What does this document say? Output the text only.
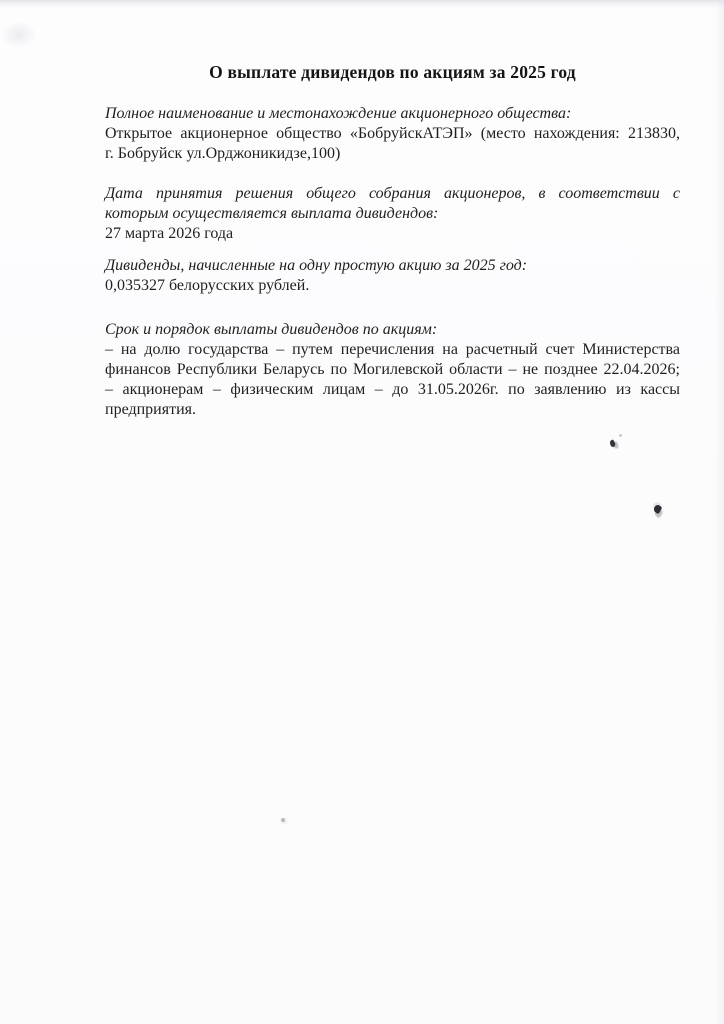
О выплате дивидендов по акциям за 2025 год
Полное наименование и местонахождение акционерного общества:
Открытое акционерное общество «БобруйскАТЭП» (место нахождения: 213830,
г. Бобруйск ул.Орджоникидзе,100)
Дата принятия решения общего собрания акционеров, в соответствии с
которым осуществляется выплата дивидендов:
27 марта 2026 года
Дивиденды, начисленные на одну простую акцию за 2025 год:
0,035327 белорусских рублей.
Срок и порядок выплаты дивидендов по акциям:
– на долю государства – путем перечисления на расчетный счет Министерства
финансов Республики Беларусь по Могилевской области – не позднее 22.04.2026;
– акционерам – физическим лицам – до 31.05.2026г. по заявлению из кассы
предприятия.
